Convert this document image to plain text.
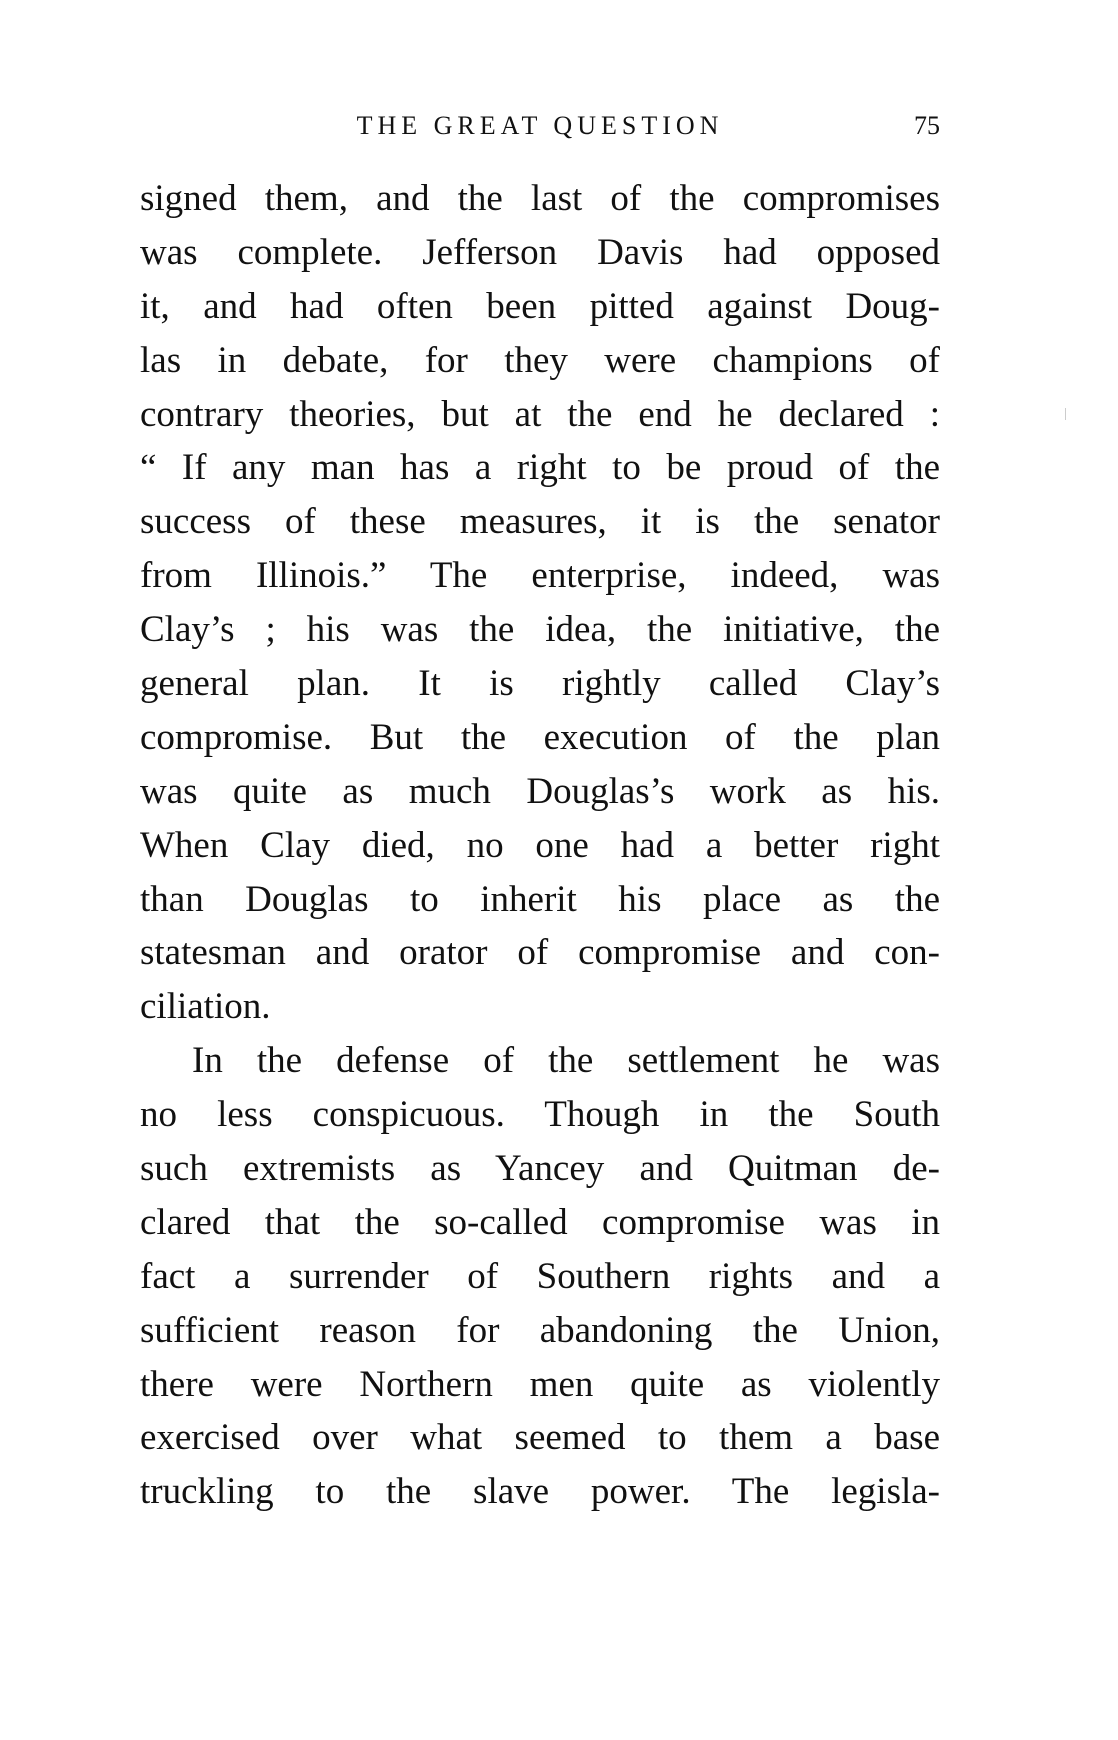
THE GREAT QUESTION	75
signed them, and the last of the compromises
was complete. Jefferson Davis had opposed
it, and had often been pitted against Doug-
las in debate, for they were champions of
contrary theories, but at the end he declared :
“ If any man has a right to be proud of the
success of these measures, it is the senator
from Illinois.” The enterprise, indeed, was
Clay’s ; his was the idea, the initiative, the
general plan. It is rightly called Clay’s
compromise. But the execution of the plan
was quite as much Douglas’s work as his.
When Clay died, no one had a better right
than Douglas to inherit his place as the
statesman and orator of compromise and con-
ciliation.
In the defense of the settlement he was
no less conspicuous. Though in the South
such extremists as Yancey and Quitman de-
clared that the so-called compromise was in
fact a surrender of Southern rights and a
sufficient reason for abandoning the Union,
there were Northern men quite as violently
exercised over what seemed to them a base
truckling to the slave power. The legisla-
